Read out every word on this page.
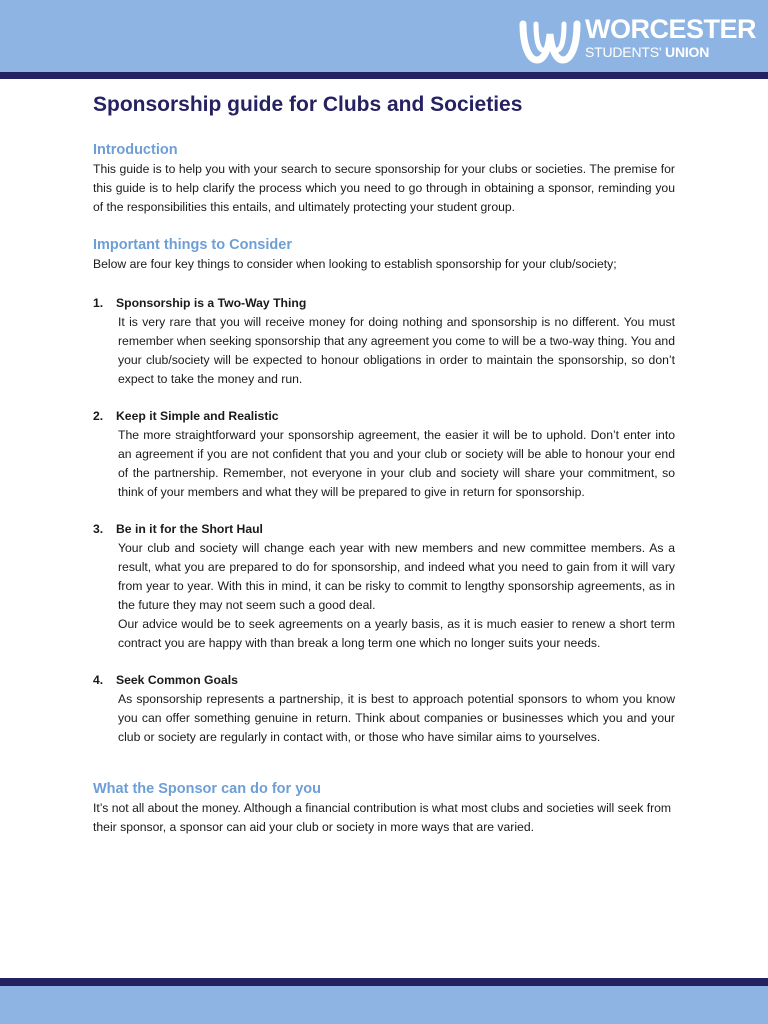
WORCESTER
STUDENTS' UNION
Sponsorship guide for Clubs and Societies
Introduction

This guide is to help you with your search to secure sponsorship for your clubs or societies. The premise for this guide is to help clarify the process which you need to go through in obtaining a sponsor, reminding you of the responsibilities this entails, and ultimately protecting your student group.

Important things to Consider

Below are four key things to consider when looking to establish sponsorship for your club/society;

1.	Sponsorship is a Two-Way Thing

It is very rare that you will receive money for doing nothing and sponsorship is no different. You must remember when seeking sponsorship that any agreement you come to will be a two-way thing. You and your club/society will be expected to honour obligations in order to maintain the sponsorship, so don’t expect to take the money and run.

2.	Keep it Simple and Realistic

The more straightforward your sponsorship agreement, the easier it will be to uphold. Don’t enter into an agreement if you are not confident that you and your club or society will be able to honour your end of the partnership. Remember, not everyone in your club and society will share your commitment, so think of your members and what they will be prepared to give in return for sponsorship.

3.	Be in it for the Short Haul

Your club and society will change each year with new members and new committee members. As a result, what you are prepared to do for sponsorship, and indeed what you need to gain from it will vary from year to year. With this in mind, it can be risky to commit to lengthy sponsorship agreements, as in the future they may not seem such a good deal.

Our advice would be to seek agreements on a yearly basis, as it is much easier to renew a short term contract you are happy with than break a long term one which no longer suits your needs.

4.	Seek Common Goals

As sponsorship represents a partnership, it is best to approach potential sponsors to whom you know you can offer something genuine in return. Think about companies or businesses which you and your club or society are regularly in contact with, or those who have similar aims to yourselves.

What the Sponsor can do for you

It’s not all about the money. Although a financial contribution is what most clubs and societies will seek from their sponsor, a sponsor can aid your club or society in more ways that are varied.
